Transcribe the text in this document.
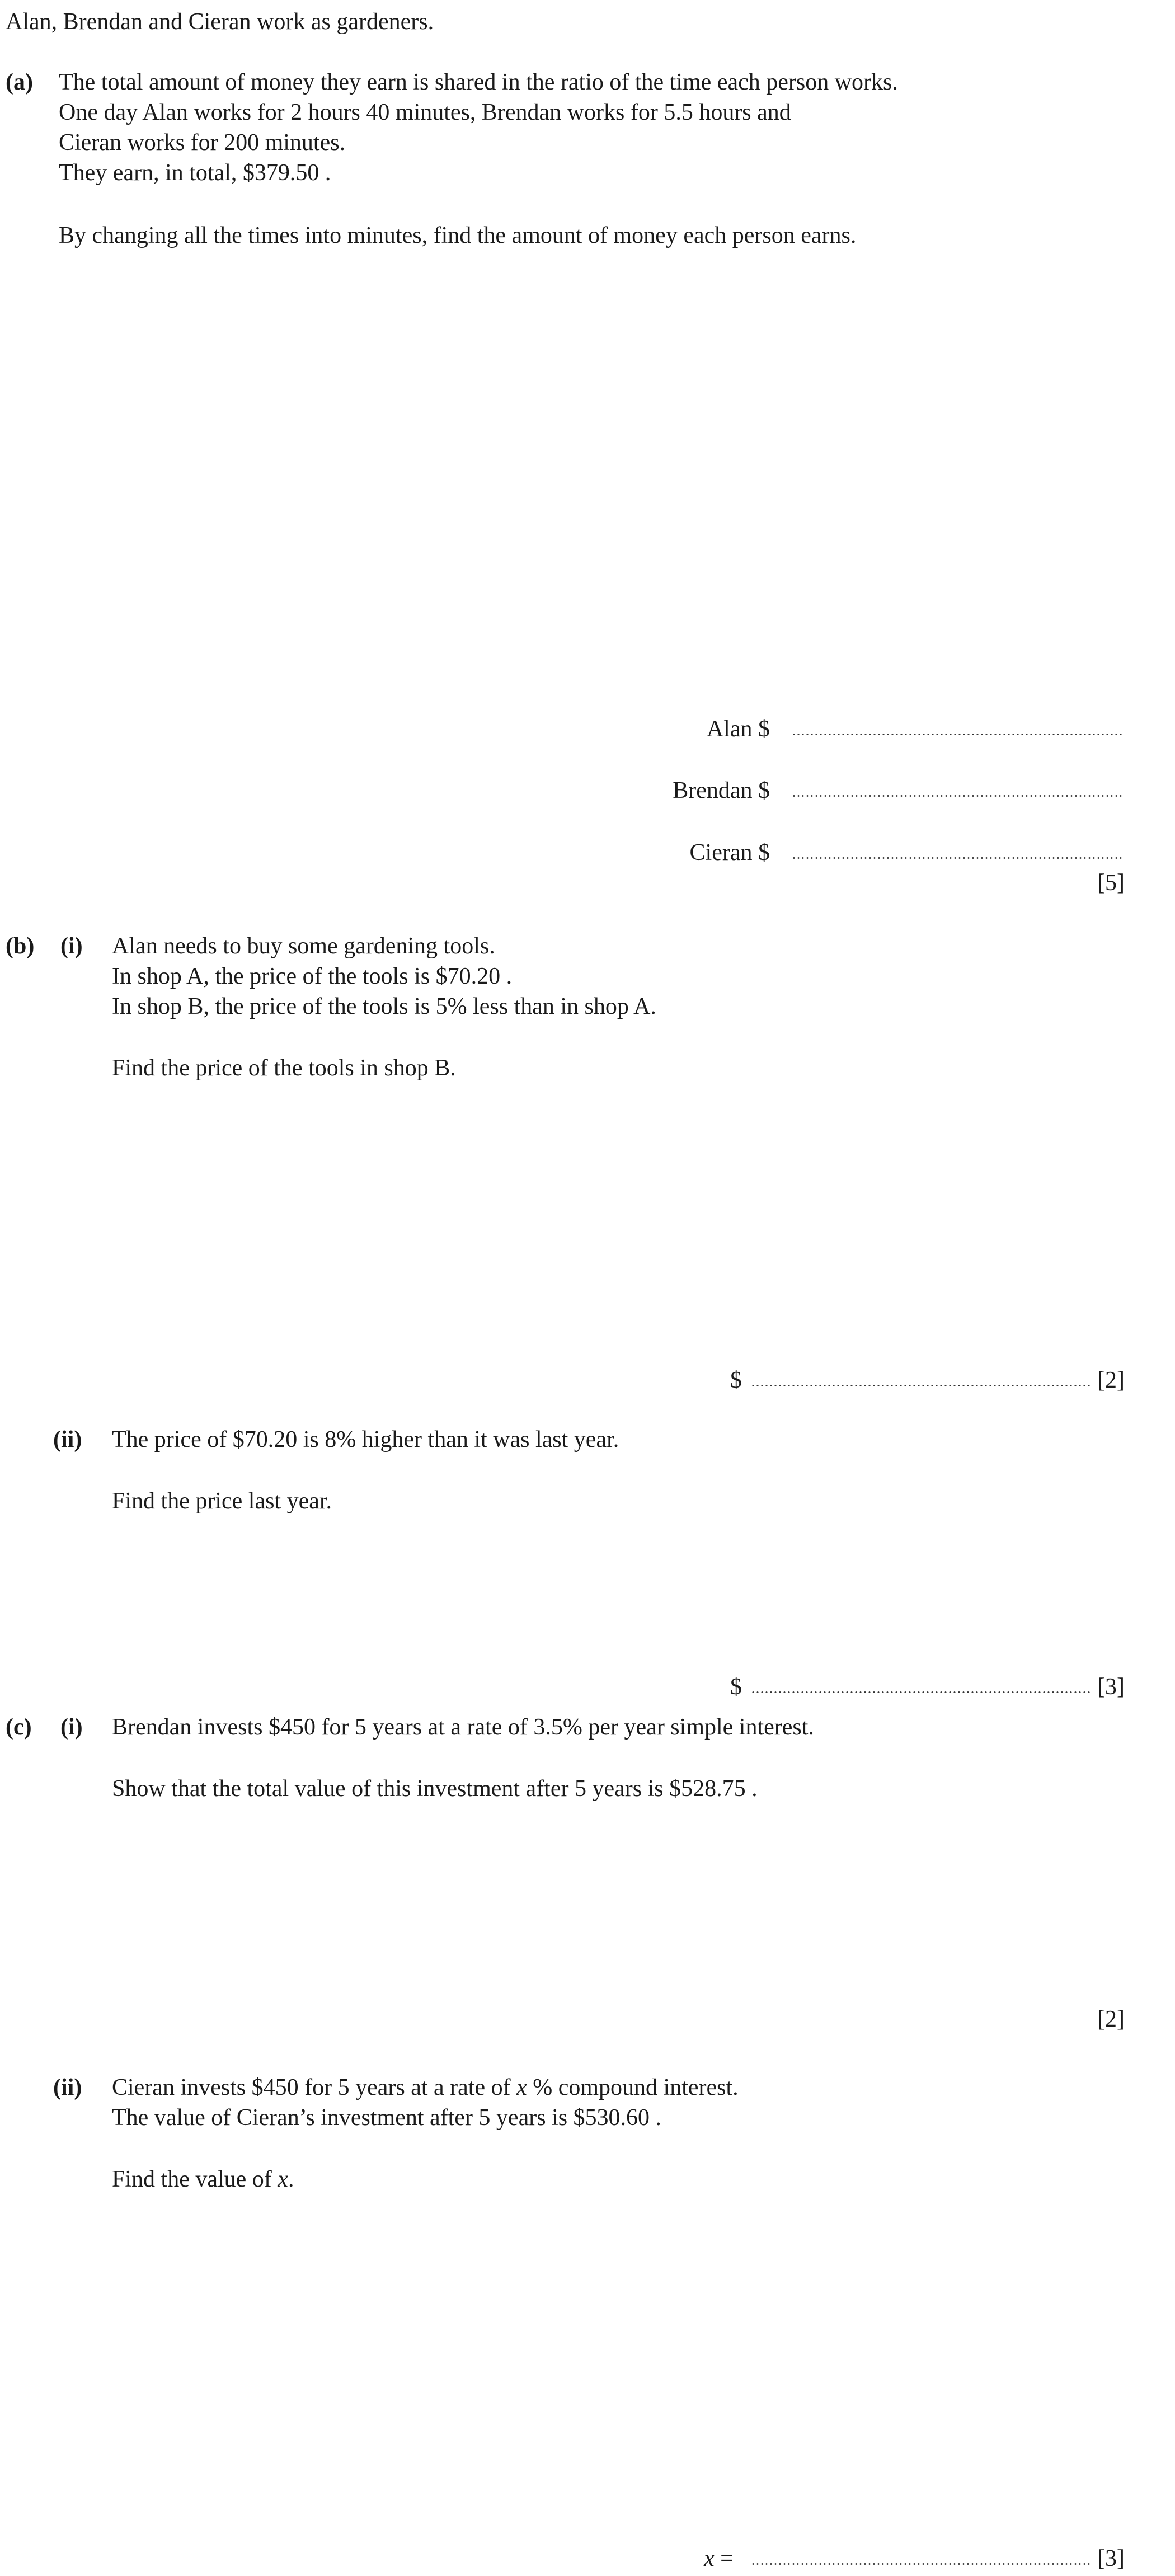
Alan, Brendan and Cieran work as gardeners.
(a) The total amount of money they earn is shared in the ratio of the time each person works.
One day Alan works for 2 hours 40 minutes, Brendan works for 5.5 hours and
Cieran works for 200 minutes.
They earn, in total, $379.50 .
By changing all the times into minutes, find the amount of money each person earns.
Alan $
Brendan $
Cieran $
[5]
(b) (i) Alan needs to buy some gardening tools.
In shop A, the price of the tools is $70.20 .
In shop B, the price of the tools is 5% less than in shop A.
Find the price of the tools in shop B.
$	[2]
(ii) The price of $70.20 is 8% higher than it was last year.
Find the price last year.
$	[3]
(c) (i) Brendan invests $450 for 5 years at a rate of 3.5% per year simple interest.
Show that the total value of this investment after 5 years is $528.75 .
[2]
(ii) Cieran invests $450 for 5 years at a rate of x % compound interest.
The value of Cieran’s investment after 5 years is $530.60 .
Find the value of x.
x =	[3]
